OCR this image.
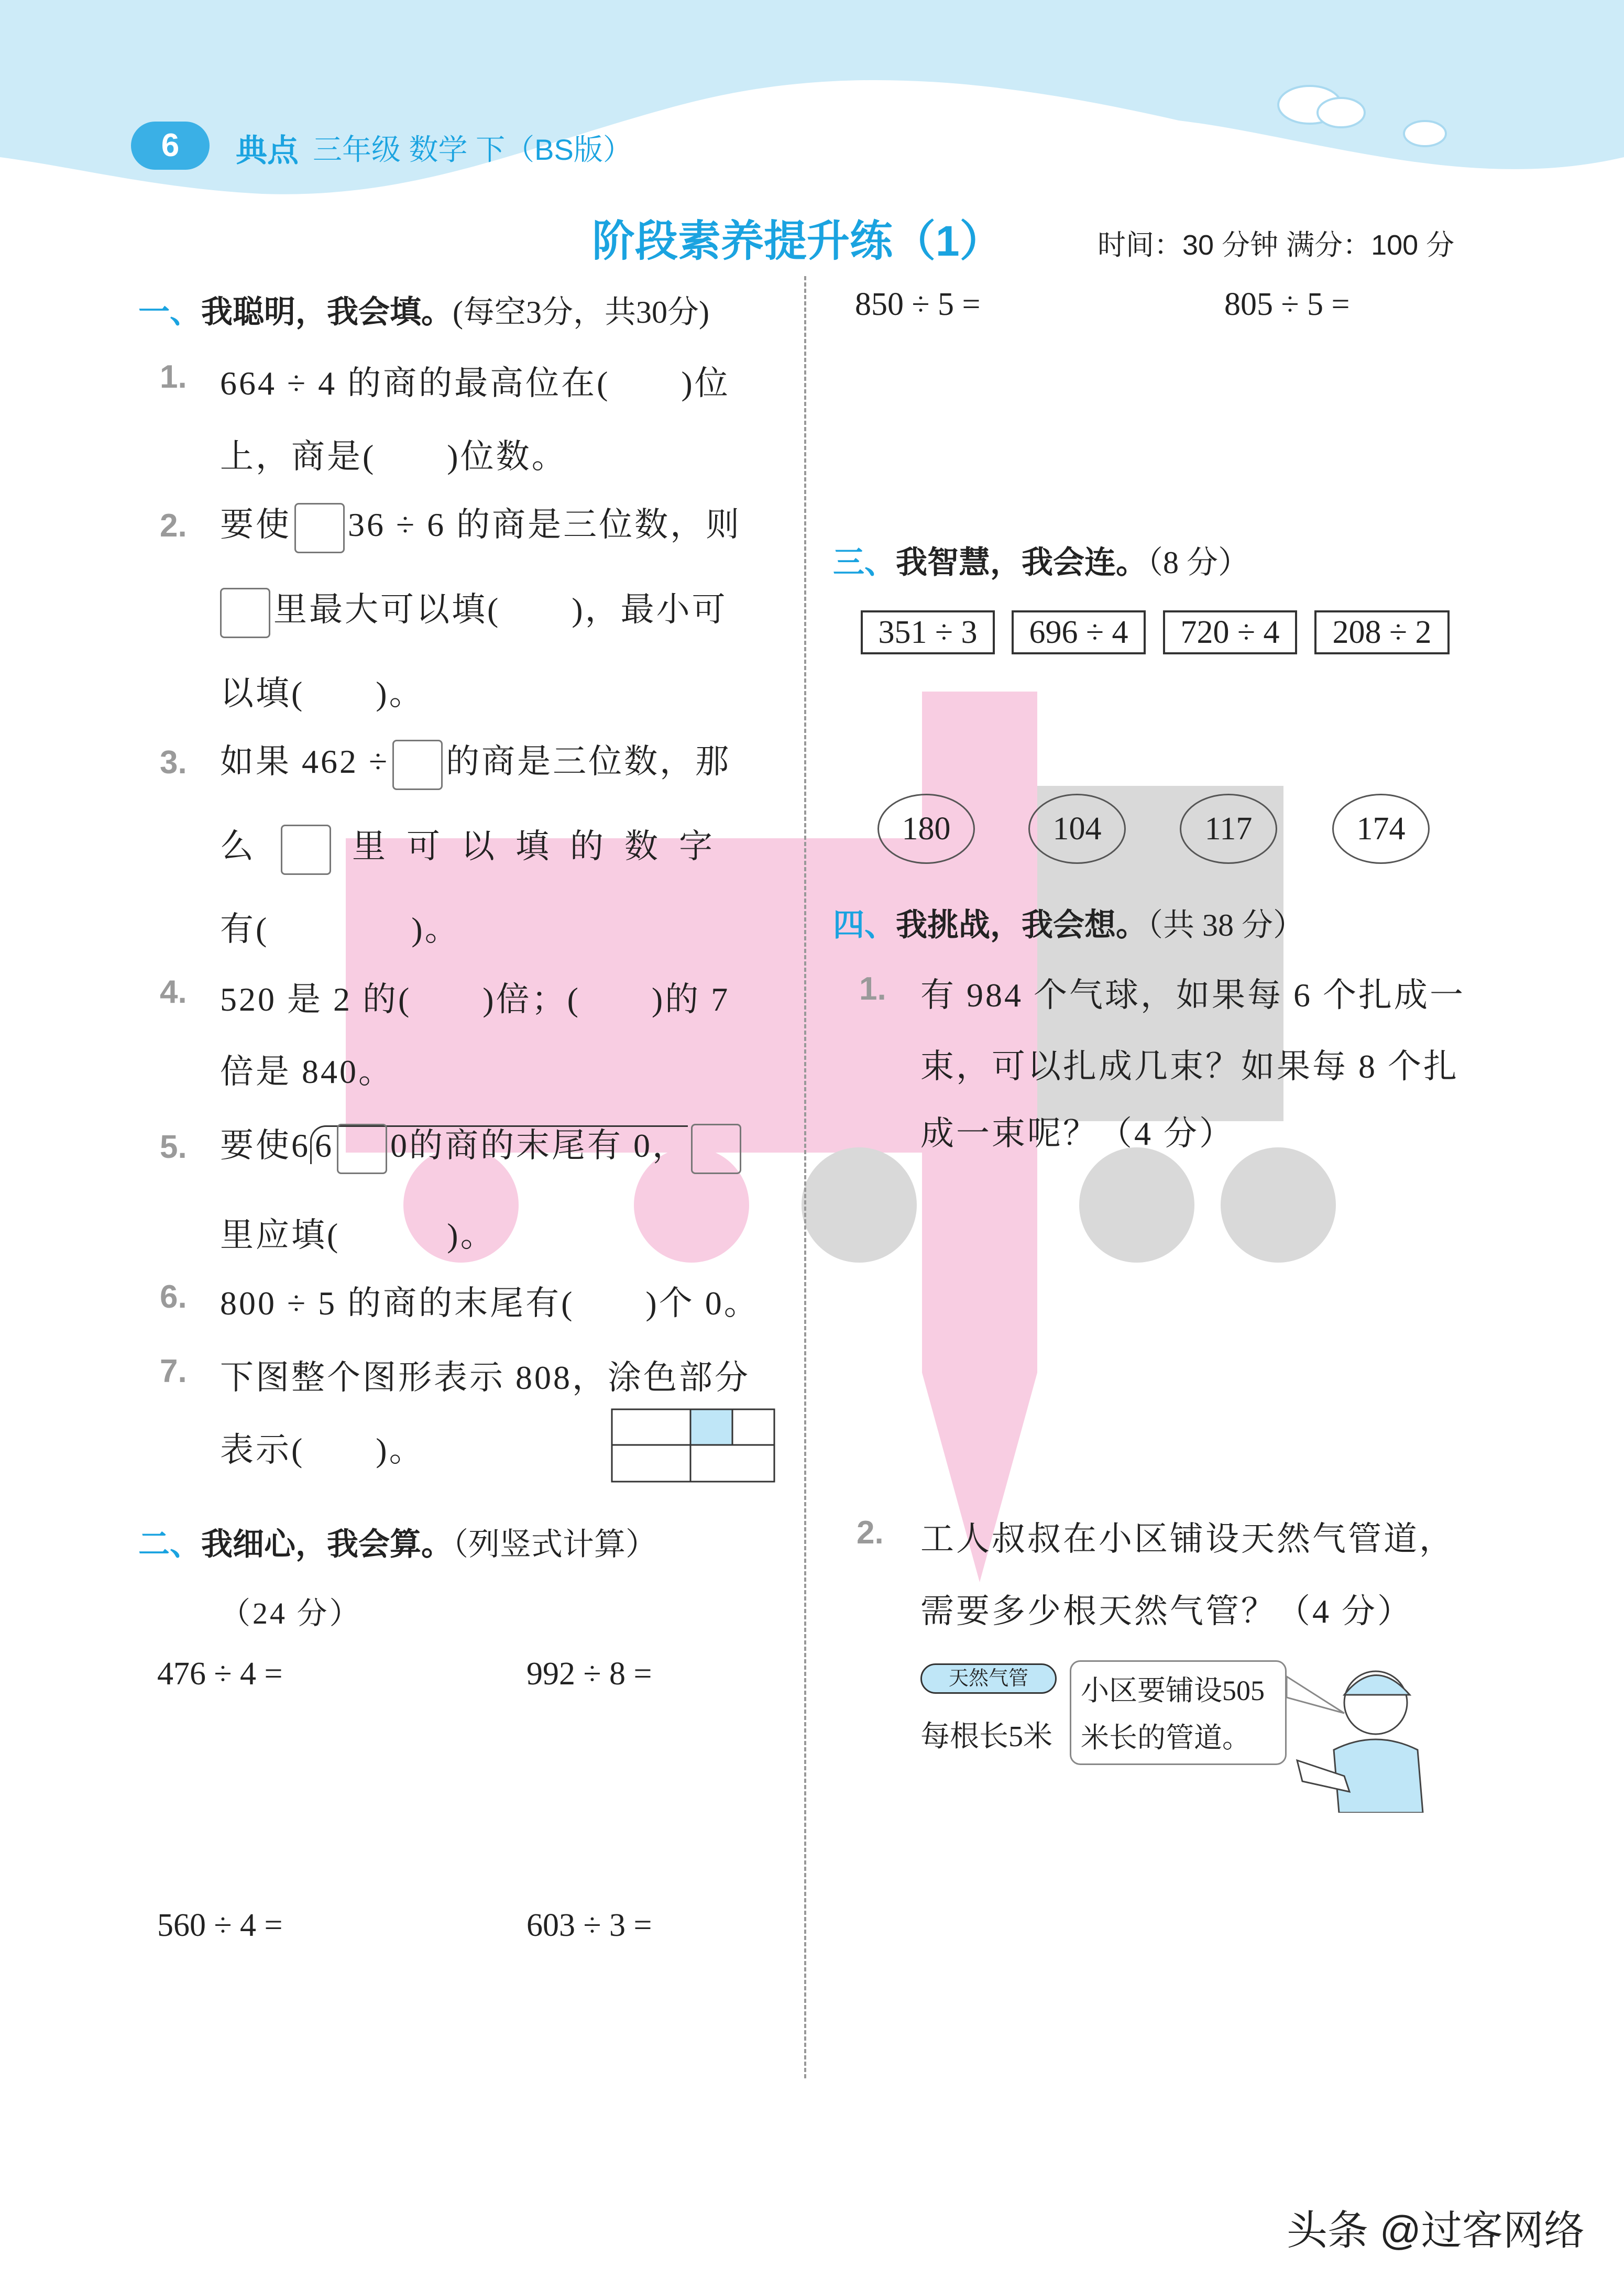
6	典点 三年级 数学 下（BS版）
阶段素养提升练（1）	时间：30 分钟 满分：100 分
一、我聪明，我会填。(每空3分，共30分)
1. 664 ÷ 4 的商的最高位在(　　)位
上，商是(　　)位数。
2. 要使 36 ÷ 6 的商是三位数，则
里最大可以填(　　)，最小可
以填(　　)。
3. 如果 462 ÷ 的商是三位数，那
么	里 可 以 填 的 数 字
有(　　　　)。
4. 520 是 2 的(　　)倍；(　　)的 7
倍是 840。
5. 要使6 6 0的商的末尾有 0，
里应填(　　　)。
6. 800 ÷ 5 的商的末尾有(　　)个 0。
7. 下图整个图形表示 808，涂色部分
表示(　　)。
二、我细心，我会算。（列竖式计算）
（24 分）
476 ÷ 4 =	992 ÷ 8 =
560 ÷ 4 =	603 ÷ 3 =
850 ÷ 5 =	805 ÷ 5 =
三、我智慧，我会连。（8 分）
351 ÷ 3	696 ÷ 4	720 ÷ 4	208 ÷ 2
180	104	117	174
四、我挑战，我会想。（共 38 分）
1. 有 984 个气球，如果每 6 个扎成一
束，可以扎成几束？如果每 8 个扎
成一束呢？（4 分）
2. 工人叔叔在小区铺设天然气管道，
需要多少根天然气管？（4 分）
天然气管
每根长5米
小区要铺设505
米长的管道。
头条 @过客网络
